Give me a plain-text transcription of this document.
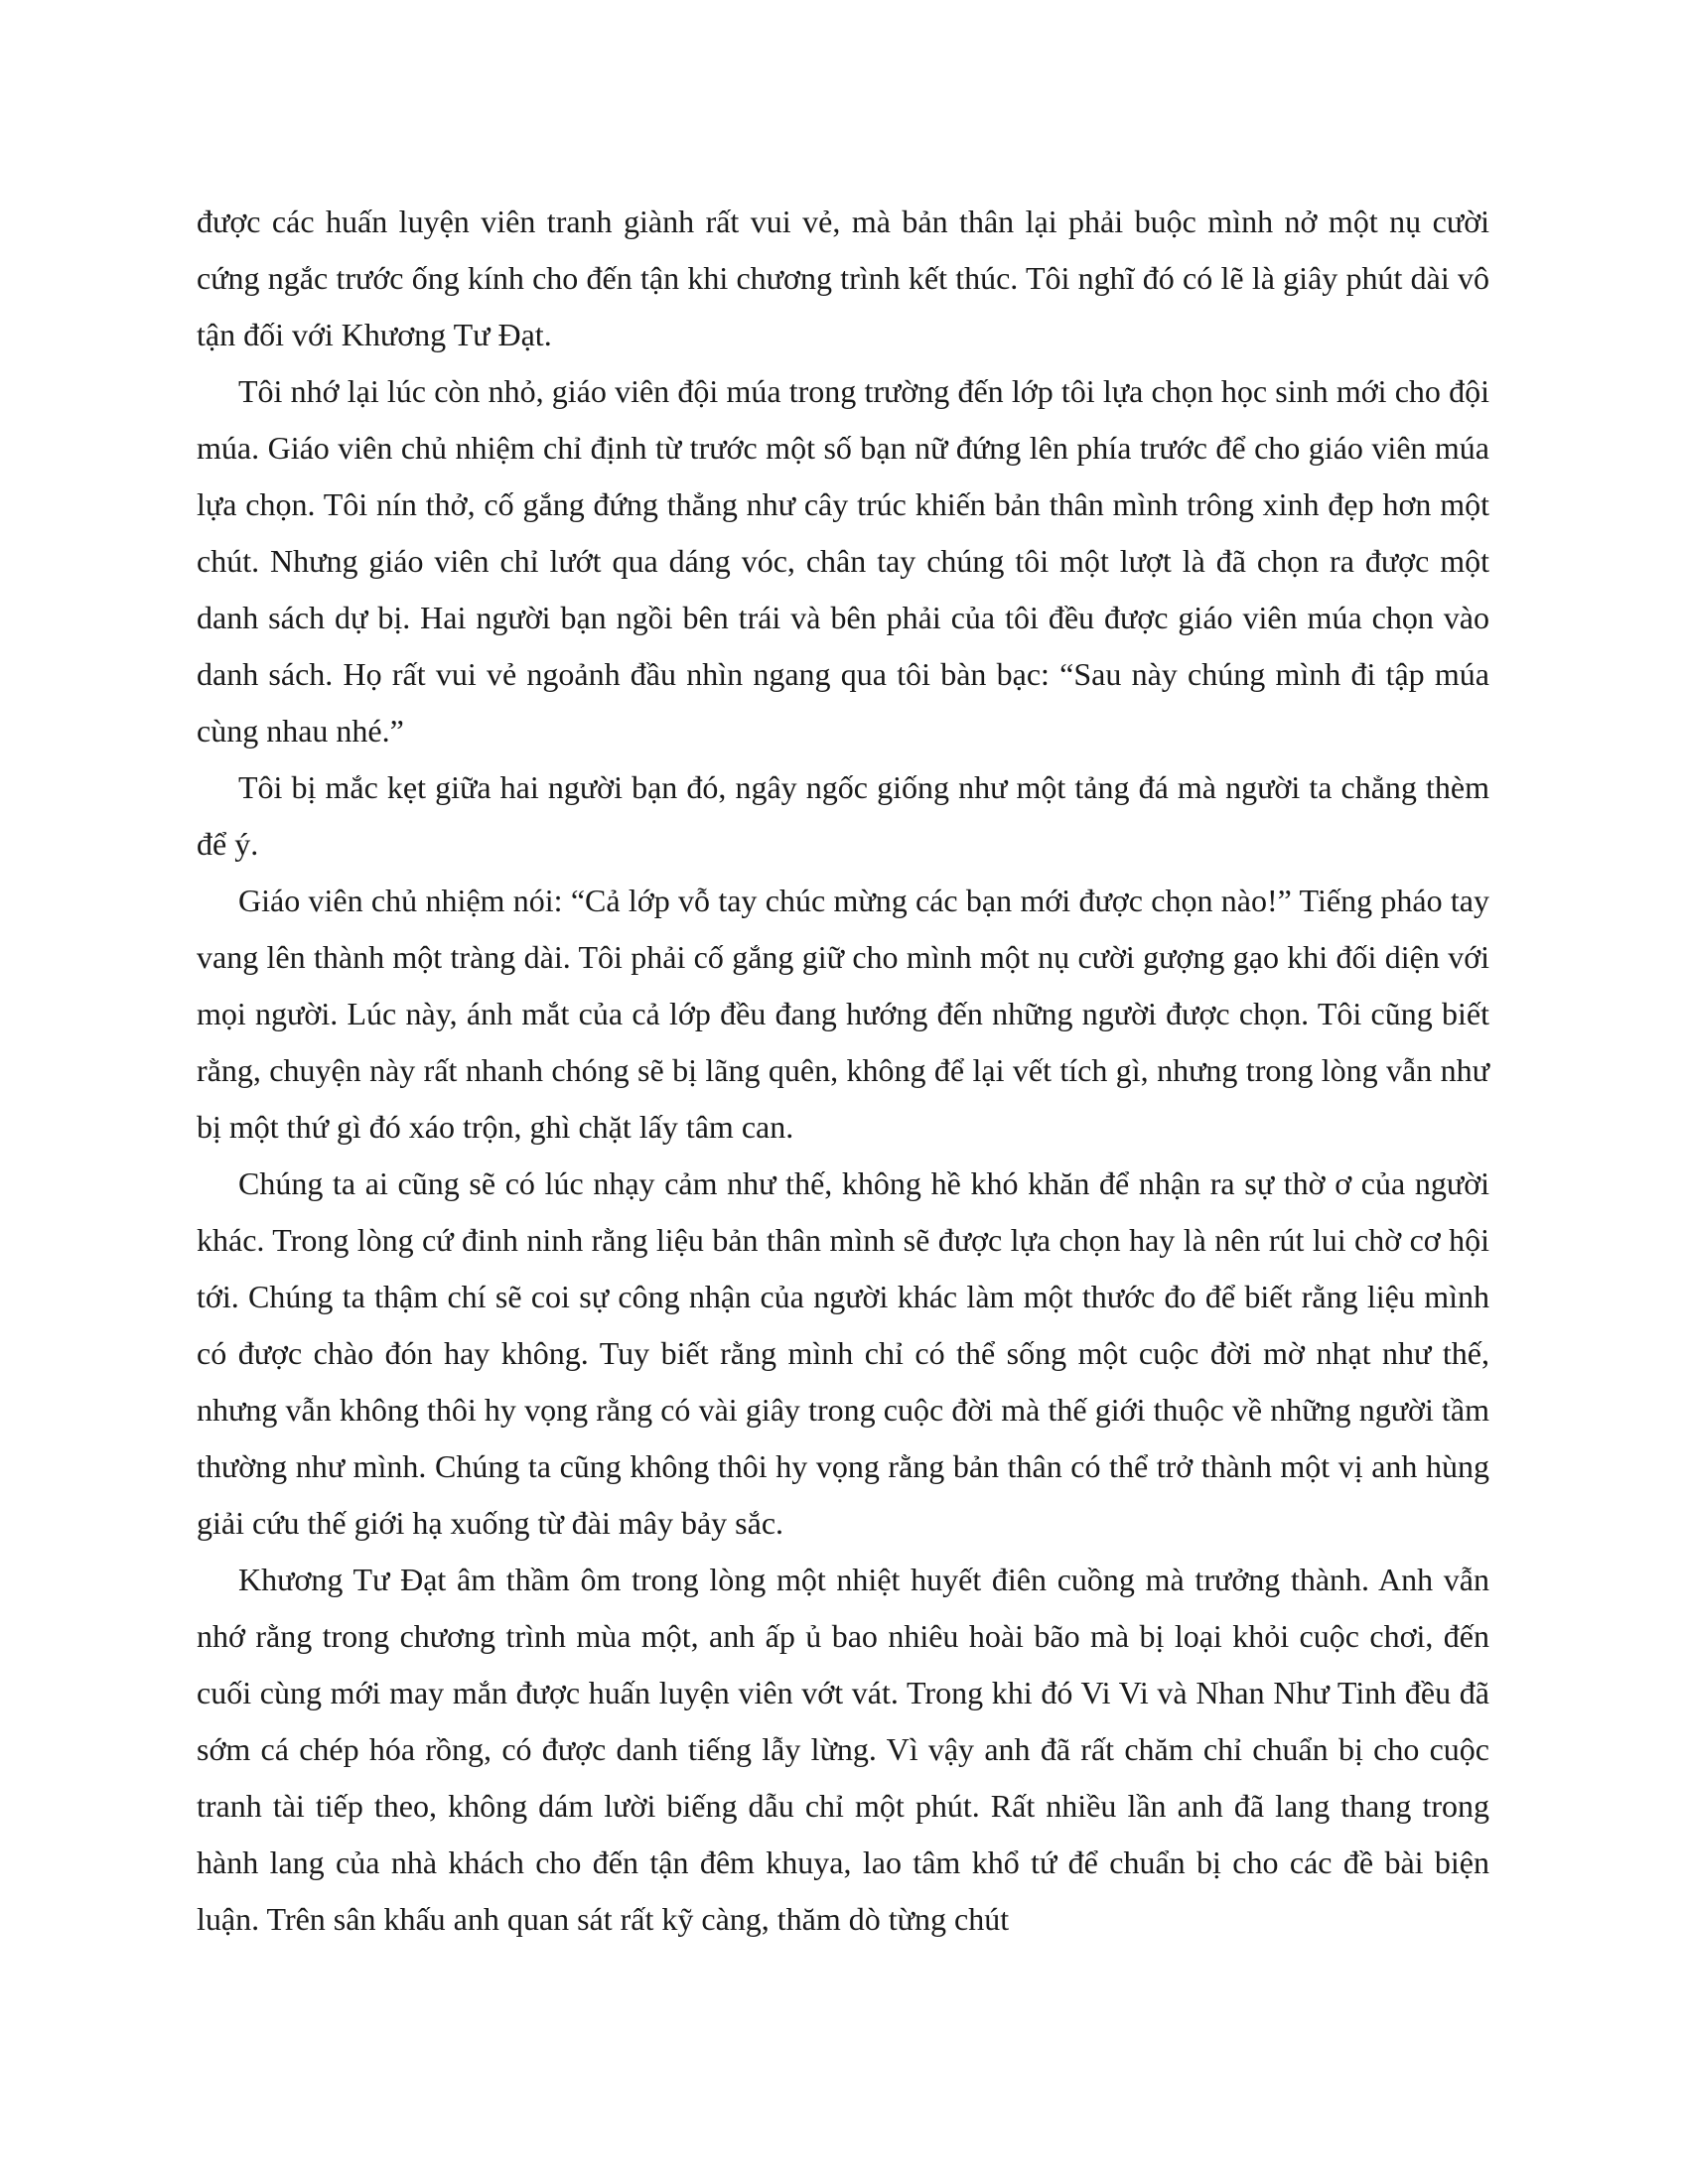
được các huấn luyện viên tranh giành rất vui vẻ, mà bản thân lại phải buộc mình nở một nụ cười cứng ngắc trước ống kính cho đến tận khi chương trình kết thúc. Tôi nghĩ đó có lẽ là giây phút dài vô tận đối với Khương Tư Đạt.

Tôi nhớ lại lúc còn nhỏ, giáo viên đội múa trong trường đến lớp tôi lựa chọn học sinh mới cho đội múa. Giáo viên chủ nhiệm chỉ định từ trước một số bạn nữ đứng lên phía trước để cho giáo viên múa lựa chọn. Tôi nín thở, cố gắng đứng thẳng như cây trúc khiến bản thân mình trông xinh đẹp hơn một chút. Nhưng giáo viên chỉ lướt qua dáng vóc, chân tay chúng tôi một lượt là đã chọn ra được một danh sách dự bị. Hai người bạn ngồi bên trái và bên phải của tôi đều được giáo viên múa chọn vào danh sách. Họ rất vui vẻ ngoảnh đầu nhìn ngang qua tôi bàn bạc: “Sau này chúng mình đi tập múa cùng nhau nhé.”

Tôi bị mắc kẹt giữa hai người bạn đó, ngây ngốc giống như một tảng đá mà người ta chẳng thèm để ý.

Giáo viên chủ nhiệm nói: “Cả lớp vỗ tay chúc mừng các bạn mới được chọn nào!” Tiếng pháo tay vang lên thành một tràng dài. Tôi phải cố gắng giữ cho mình một nụ cười gượng gạo khi đối diện với mọi người. Lúc này, ánh mắt của cả lớp đều đang hướng đến những người được chọn. Tôi cũng biết rằng, chuyện này rất nhanh chóng sẽ bị lãng quên, không để lại vết tích gì, nhưng trong lòng vẫn như bị một thứ gì đó xáo trộn, ghì chặt lấy tâm can.

Chúng ta ai cũng sẽ có lúc nhạy cảm như thế, không hề khó khăn để nhận ra sự thờ ơ của người khác. Trong lòng cứ đinh ninh rằng liệu bản thân mình sẽ được lựa chọn hay là nên rút lui chờ cơ hội tới. Chúng ta thậm chí sẽ coi sự công nhận của người khác làm một thước đo để biết rằng liệu mình có được chào đón hay không. Tuy biết rằng mình chỉ có thể sống một cuộc đời mờ nhạt như thế, nhưng vẫn không thôi hy vọng rằng có vài giây trong cuộc đời mà thế giới thuộc về những người tầm thường như mình. Chúng ta cũng không thôi hy vọng rằng bản thân có thể trở thành một vị anh hùng giải cứu thế giới hạ xuống từ đài mây bảy sắc.

Khương Tư Đạt âm thầm ôm trong lòng một nhiệt huyết điên cuồng mà trưởng thành. Anh vẫn nhớ rằng trong chương trình mùa một, anh ấp ủ bao nhiêu hoài bão mà bị loại khỏi cuộc chơi, đến cuối cùng mới may mắn được huấn luyện viên vớt vát. Trong khi đó Vi Vi và Nhan Như Tinh đều đã sớm cá chép hóa rồng, có được danh tiếng lẫy lừng. Vì vậy anh đã rất chăm chỉ chuẩn bị cho cuộc tranh tài tiếp theo, không dám lười biếng dẫu chỉ một phút. Rất nhiều lần anh đã lang thang trong hành lang của nhà khách cho đến tận đêm khuya, lao tâm khổ tứ để chuẩn bị cho các đề bài biện luận. Trên sân khấu anh quan sát rất kỹ càng, thăm dò từng chút
